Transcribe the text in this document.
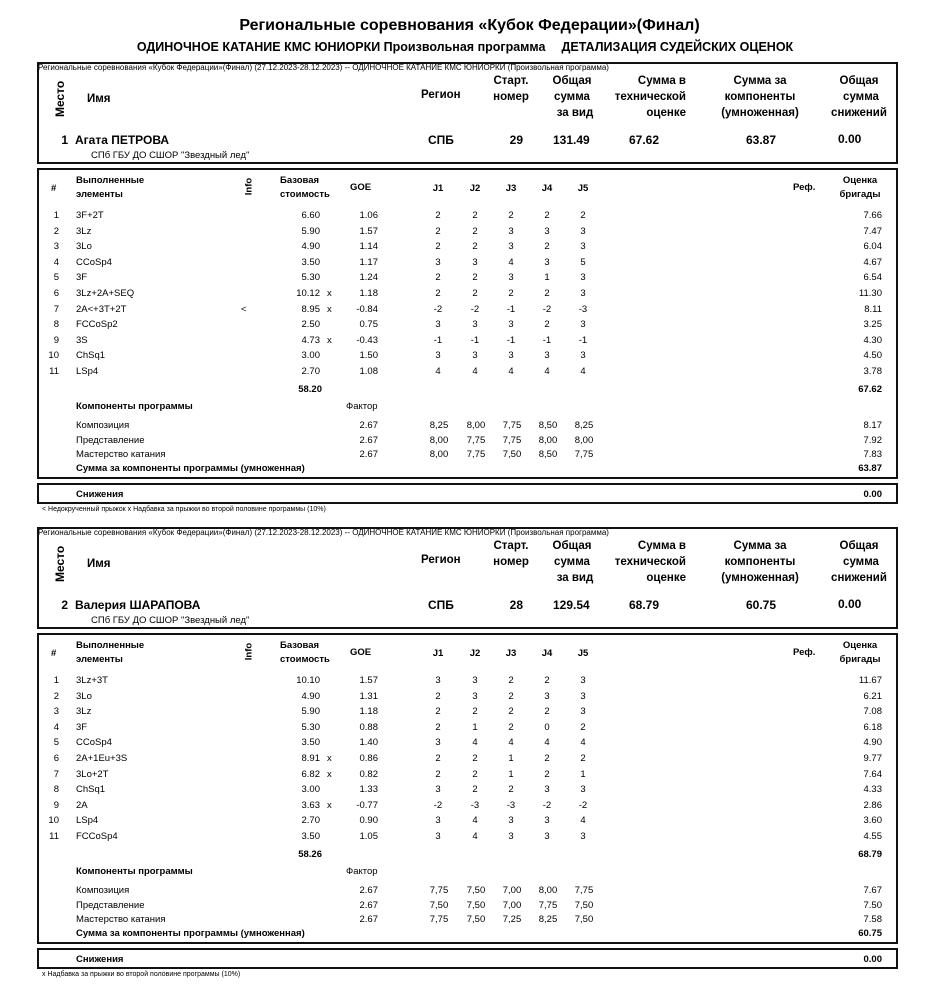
Региональные соревнования «Кубок Федерации»(Финал)
ОДИНОЧНОЕ КАТАНИЕ КМС ЮНИОРКИ Произвольная программа ДЕТАЛИЗАЦИЯ СУДЕЙСКИХ ОЦЕНОК
Региональные соревнования «Кубок Федерации»(Финал) (27.12.2023-28.12.2023) -- ОДИНОЧНОЕ КАТАНИЕ КМС ЮНИОРКИ (Произвольная программа)
Место Имя	Регион
Старт.
номер
Общая
сумма
за вид
Сумма в
технической
оценке
Сумма за
компоненты
(умноженная)
Общая
сумма
снижений
1 Агата ПЕТРОВА
СПб ГБУ ДО СШОР "Звездный лед"
СПБ	29	131.49	67.62	63.87	0.00
#
Выполненные
элементы	Info	Базовая
стоимость
GOE	J1	J2	J3	J4	J5	Реф.
Оценка
бригады
1 3F+2T	6.60	1.06	2	2	2	2	2	7.66
2 3Lz	5.90	1.57	2	2	3	3	3	7.47
3 3Lo	4.90	1.14	2	2	3	2	3	6.04
4 CCoSp4	3.50	1.17	3	3	4	3	5	4.67
5 3F	5.30	1.24	2	2	3	1	3	6.54
6 3Lz+2A+SEQ	10.12 x	1.18	2	2	2	2	3	11.30
7 2A<+3T+2T	<	8.95 x	-0.84	-2	-2	-1	-2	-3	8.11
8 FCCoSp2	2.50	0.75	3	3	3	2	3	3.25
9 3S	4.73 x	-0.43	-1	-1	-1	-1	-1	4.30
10 ChSq1	3.00	1.50	3	3	3	3	3	4.50
11 LSp4	2.70	1.08	4	4	4	4	4	3.78
58.20	67.62
Компоненты программы	Фактор
Композиция	2.67	8,25	8,00	7,75	8,50	8,25	8.17
Представление	2.67	8,00	7,75	7,75	8,00	8,00	7.92
Мастерство катания	2.67	8,00	7,75	7,50	8,50	7,75	7.83
Сумма за компоненты программы (умноженная)	63.87
Снижения	0.00
< Недокрученный прыжок x Надбавка за прыжки во второй половине программы (10%)
Региональные соревнования «Кубок Федерации»(Финал) (27.12.2023-28.12.2023) -- ОДИНОЧНОЕ КАТАНИЕ КМС ЮНИОРКИ (Произвольная программа)
Место Имя	Регион
Старт.
номер
Общая
сумма
за вид
Сумма в
технической
оценке
Сумма за
компоненты
(умноженная)
Общая
сумма
снижений
2 Валерия ШАРАПОВА
СПб ГБУ ДО СШОР "Звездный лед"
СПБ	28	129.54	68.79	60.75	0.00
#
Выполненные
элементы	Info	Базовая
стоимость
GOE	J1	J2	J3	J4	J5	Реф.
Оценка
бригады
1 3Lz+3T	10.10	1.57	3	3	2	2	3	11.67
2 3Lo	4.90	1.31	2	3	2	3	3	6.21
3 3Lz	5.90	1.18	2	2	2	2	3	7.08
4 3F	5.30	0.88	2	1	2	0	2	6.18
5 CCoSp4	3.50	1.40	3	4	4	4	4	4.90
6 2A+1Eu+3S	8.91 x	0.86	2	2	1	2	2	9.77
7 3Lo+2T	6.82 x	0.82	2	2	1	2	1	7.64
8 ChSq1	3.00	1.33	3	2	2	3	3	4.33
9 2A	3.63 x	-0.77	-2	-3	-3	-2	-2	2.86
10 LSp4	2.70	0.90	3	4	3	3	4	3.60
11 FCCoSp4	3.50	1.05	3	4	3	3	3	4.55
58.26	68.79
Компоненты программы	Фактор
Композиция	2.67	7,75	7,50	7,00	8,00	7,75	7.67
Представление	2.67	7,50	7,50	7,00	7,75	7,50	7.50
Мастерство катания	2.67	7,75	7,50	7,25	8,25	7,50	7.58
Сумма за компоненты программы (умноженная)	60.75
Снижения	0.00
x Надбавка за прыжки во второй половине программы (10%)
